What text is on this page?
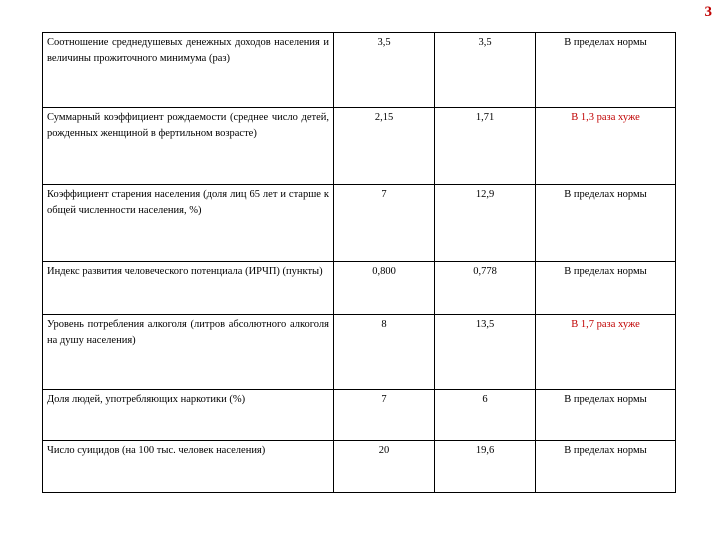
3
Соотношение среднедушевых денежных доходов населения и величины прожиточного минимума (раз)	3,5	3,5	В пределах нормы
Суммарный коэффициент рождаемости (среднее число детей, рожденных женщиной в фертильном возрасте)	2,15	1,71	В 1,3 раза хуже
Коэффициент старения населения (доля лиц 65 лет и старше к общей численности населения, %)	7	12,9	В пределах нормы
Индекс развития человеческого потенциала (ИРЧП) (пункты)	0,800	0,778	В пределах нормы
Уровень потребления алкоголя (литров абсолютного алкоголя на душу населения)	8	13,5	В 1,7 раза хуже
Доля людей, употребляющих наркотики (%)	7	6	В пределах нормы
Число суицидов (на 100 тыс. человек населения)	20	19,6	В пределах нормы
